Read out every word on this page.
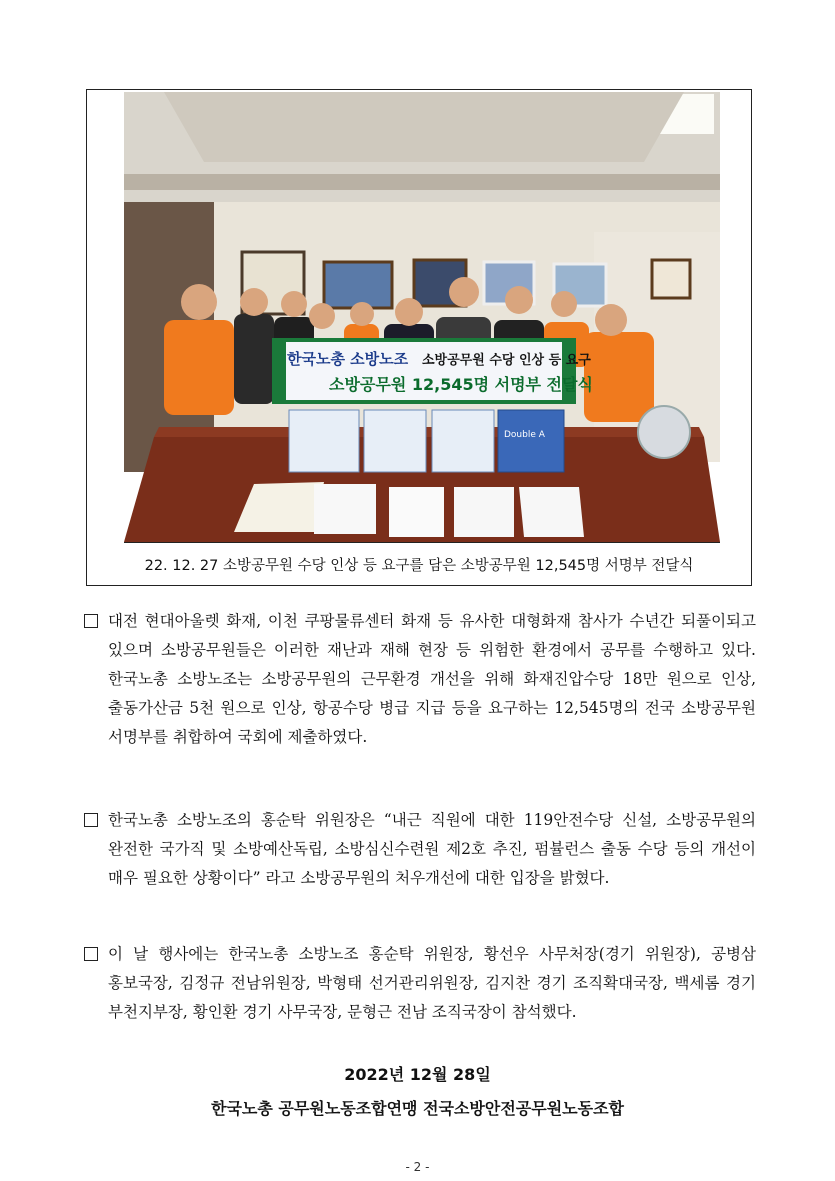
한국노총 소방노조 소방공무원 수당 인상 등 요구
소방공무원 12,545명 서명부 전달식
Double A
22. 12. 27 소방공무원 수당 인상 등 요구를 담은 소방공무원 12,545명 서명부 전달식

대전 현대아울렛 화재, 이천 쿠팡물류센터 화재 등 유사한 대형화재 참사가 수년간 되풀이되고 있으며 소방공무원들은 이러한 재난과 재해 현장 등 위험한 환경에서 공무를 수행하고 있다. 한국노총 소방노조는 소방공무원의 근무환경 개선을 위해 화재진압수당 18만 원으로 인상, 출동가산금 5천 원으로 인상, 항공수당 병급 지급 등을 요구하는 12,545명의 전국 소방공무원 서명부를 취합하여 국회에 제출하였다.

한국노총 소방노조의 홍순탁 위원장은 “내근 직원에 대한 119안전수당 신설, 소방공무원의 완전한 국가직 및 소방예산독립, 소방심신수련원 제2호 추진, 펌뷸런스 출동 수당 등의 개선이 매우 필요한 상황이다” 라고 소방공무원의 처우개선에 대한 입장을 밝혔다.

이 날 행사에는 한국노총 소방노조 홍순탁 위원장, 황선우 사무처장(경기 위원장), 공병삼 홍보국장, 김정규 전남위원장, 박형태 선거관리위원장, 김지찬 경기 조직확대국장, 백세롬 경기 부천지부장, 황인환 경기 사무국장, 문형근 전남 조직국장이 참석했다.

2022년 12월 28일
한국노총 공무원노동조합연맹 전국소방안전공무원노동조합
- 2 -
